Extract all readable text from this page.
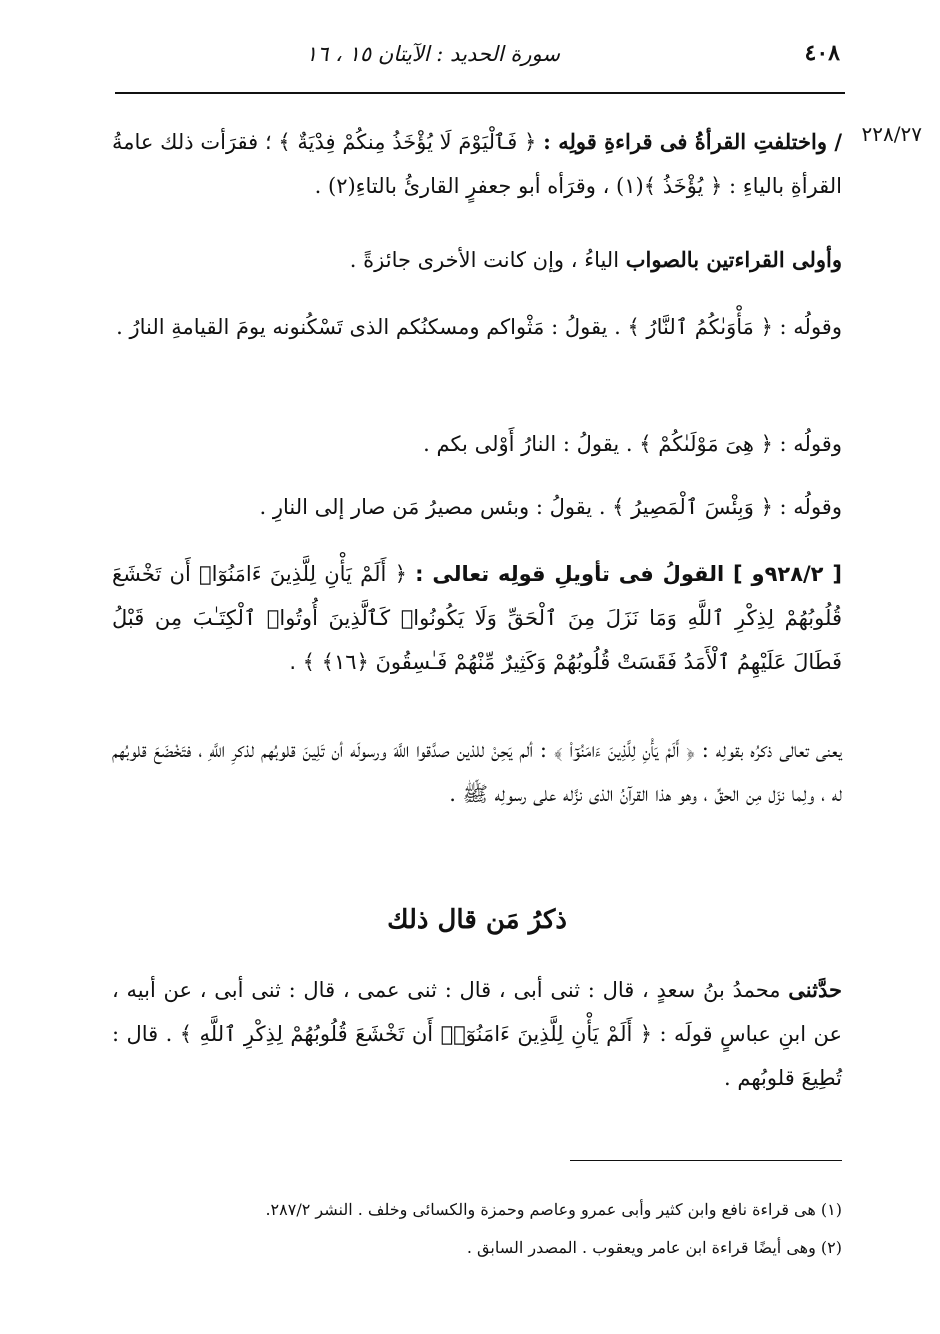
٤٠٨
سورة الحديد : الآيتان ١٥ ، ١٦
٢٢٨/٢٧
/ واختلفتِ القرأةُ فى قراءةِ قولِه : ﴿ فَٱلْيَوْمَ لَا يُؤْخَذُ مِنكُمْ فِدْيَةٌ ﴾ ؛ فقرَأت ذلك عامةُ القرأةِ بالياءِ : ﴿ يُؤْخَذُ ﴾(١) ، وقرَأه أبو جعفرٍ القارئُ بالتاءِ(٢) .
وأولى القراءتين بالصواب الياءُ ، وإن كانت الأخرى جائزةً .
وقولُه : ﴿ مَأْوَىٰكُمُ ٱلنَّارُ ﴾ . يقولُ : مَثْواكم ومسكنُكم الذى تَسْكُنونه يومَ القيامةِ النارُ .
وقولُه : ﴿ هِىَ مَوْلَىٰكُمْ ﴾ . يقولُ : النارُ أَوْلى بكم .
وقولُه : ﴿ وَبِئْسَ ٱلْمَصِيرُ ﴾ . يقولُ : وبئس مصيرُ مَن صار إلى النارِ .
[ ٩٢٨/٢و ] القولُ فى تأويلِ قولِه تعالى : ﴿ أَلَمْ يَأْنِ لِلَّذِينَ ءَامَنُوٓا۟ أَن تَخْشَعَ قُلُوبُهُمْ لِذِكْرِ ٱللَّهِ وَمَا نَزَلَ مِنَ ٱلْحَقِّ وَلَا يَكُونُوا۟ كَٱلَّذِينَ أُوتُوا۟ ٱلْكِتَـٰبَ مِن قَبْلُ فَطَالَ عَلَيْهِمُ ٱلْأَمَدُ فَقَسَتْ قُلُوبُهُمْ وَكَثِيرٌ مِّنْهُمْ فَـٰسِقُونَ ﴿١٦﴾ ﴾ .
يعنى تعالى ذكرُه بقولِه : ﴿ أَلَمْ يَأْنِ لِلَّذِينَ ءَامَنُوٓا۟ ﴾ : ألم يَحِنْ للذين صدَّقوا اللَّهَ ورسولَه أن تَلِينَ قلوبُهم لذكرِ اللَّهِ ، فتَخْضَعَ قلوبُهم له ، ولِما نزَل مِن الحقِّ ، وهو هذا القرآنُ الذى نزَّله على رسولِه ﷺ .
ذكرُ مَن قال ذلك
حدَّثنى محمدُ بنُ سعدٍ ، قال : ثنى أبى ، قال : ثنى عمى ، قال : ثنى أبى ، عن أبيه ، عن ابنِ عباسٍ قولَه : ﴿ أَلَمْ يَأْنِ لِلَّذِينَ ءَامَنُوٓا۟ أَن تَخْشَعَ قُلُوبُهُمْ لِذِكْرِ ٱللَّهِ ﴾ . قال : تُطِيعَ قلوبُهم .
(١) هى قراءة نافع وابن كثير وأبى عمرو وعاصم وحمزة والكسائى وخلف . النشر ٢٨٧/٢.
(٢) وهى أيضًا قراءة ابن عامر ويعقوب . المصدر السابق .
